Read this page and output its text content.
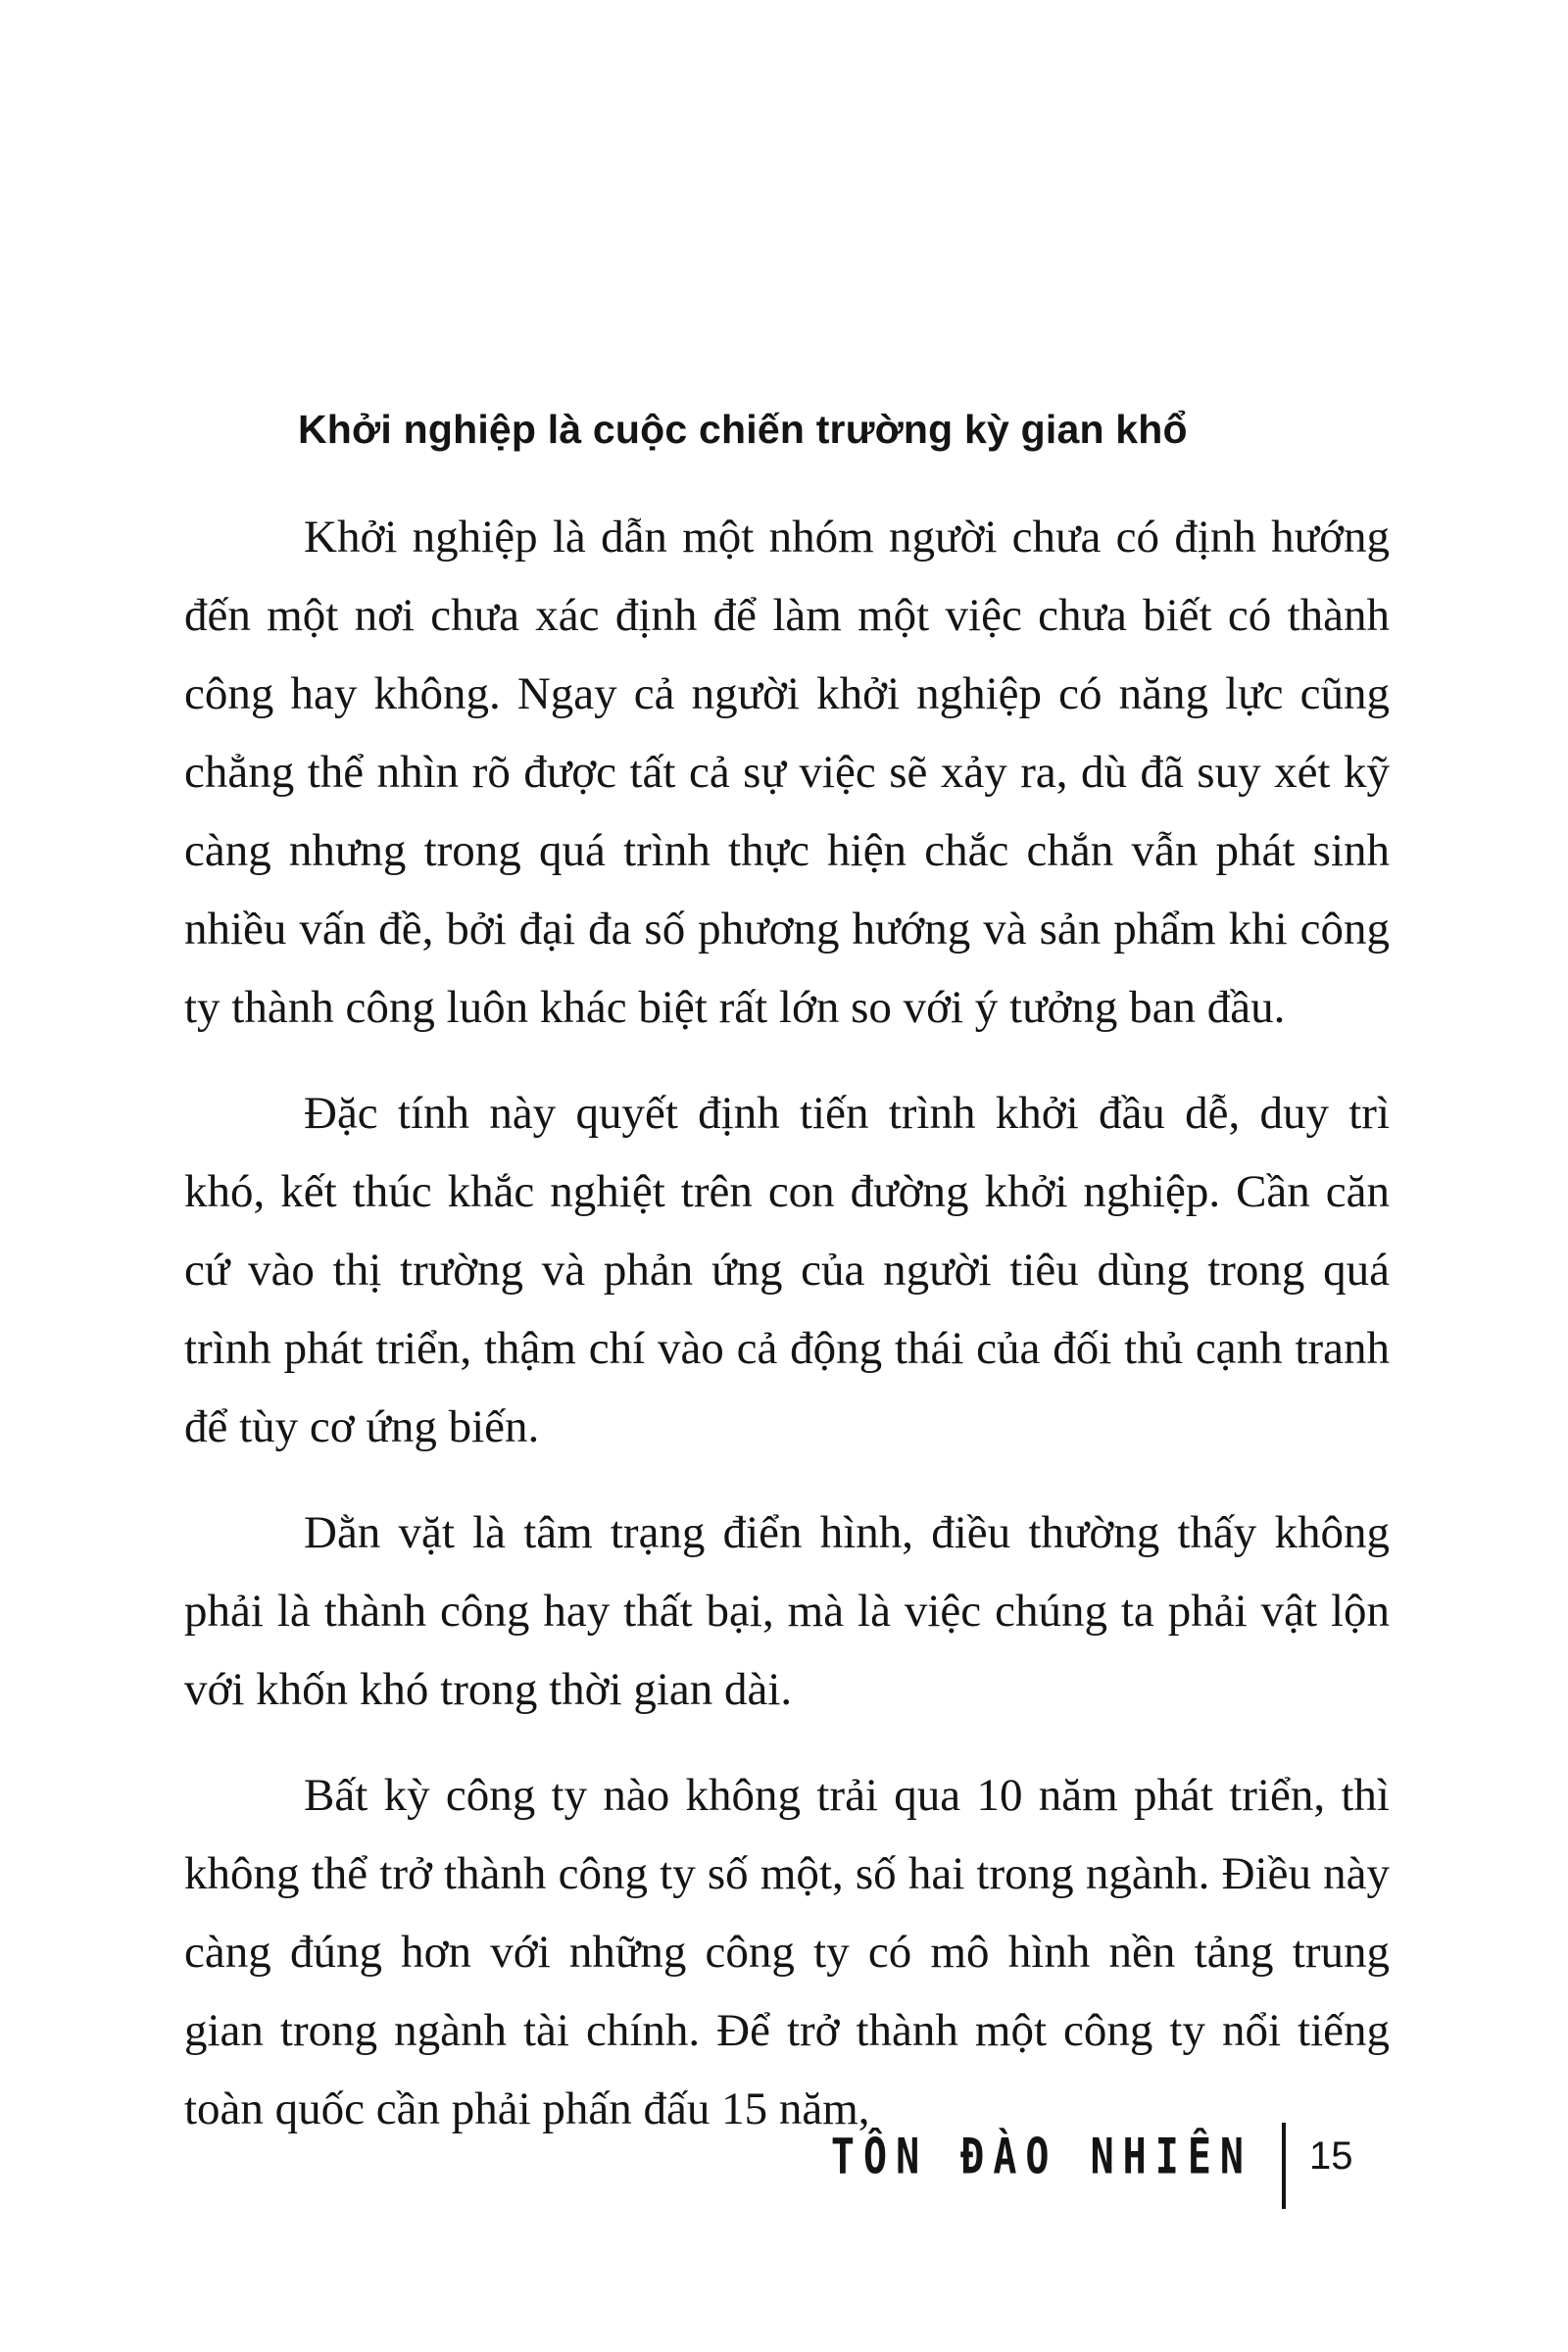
Khởi nghiệp là cuộc chiến trường kỳ gian khổ

Khởi nghiệp là dẫn một nhóm người chưa có định hướng đến một nơi chưa xác định để làm một việc chưa biết có thành công hay không. Ngay cả người khởi nghiệp có năng lực cũng chẳng thể nhìn rõ được tất cả sự việc sẽ xảy ra, dù đã suy xét kỹ càng nhưng trong quá trình thực hiện chắc chắn vẫn phát sinh nhiều vấn đề, bởi đại đa số phương hướng và sản phẩm khi công ty thành công luôn khác biệt rất lớn so với ý tưởng ban đầu.

Đặc tính này quyết định tiến trình khởi đầu dễ, duy trì khó, kết thúc khắc nghiệt trên con đường khởi nghiệp. Cần căn cứ vào thị trường và phản ứng của người tiêu dùng trong quá trình phát triển, thậm chí vào cả động thái của đối thủ cạnh tranh để tùy cơ ứng biến.

Dằn vặt là tâm trạng điển hình, điều thường thấy không phải là thành công hay thất bại, mà là việc chúng ta phải vật lộn với khốn khó trong thời gian dài.

Bất kỳ công ty nào không trải qua 10 năm phát triển, thì không thể trở thành công ty số một, số hai trong ngành. Điều này càng đúng hơn với những công ty có mô hình nền tảng trung gian trong ngành tài chính. Để trở thành một công ty nổi tiếng toàn quốc cần phải phấn đấu 15 năm,

TÔN ĐÀO NHIÊN 15
